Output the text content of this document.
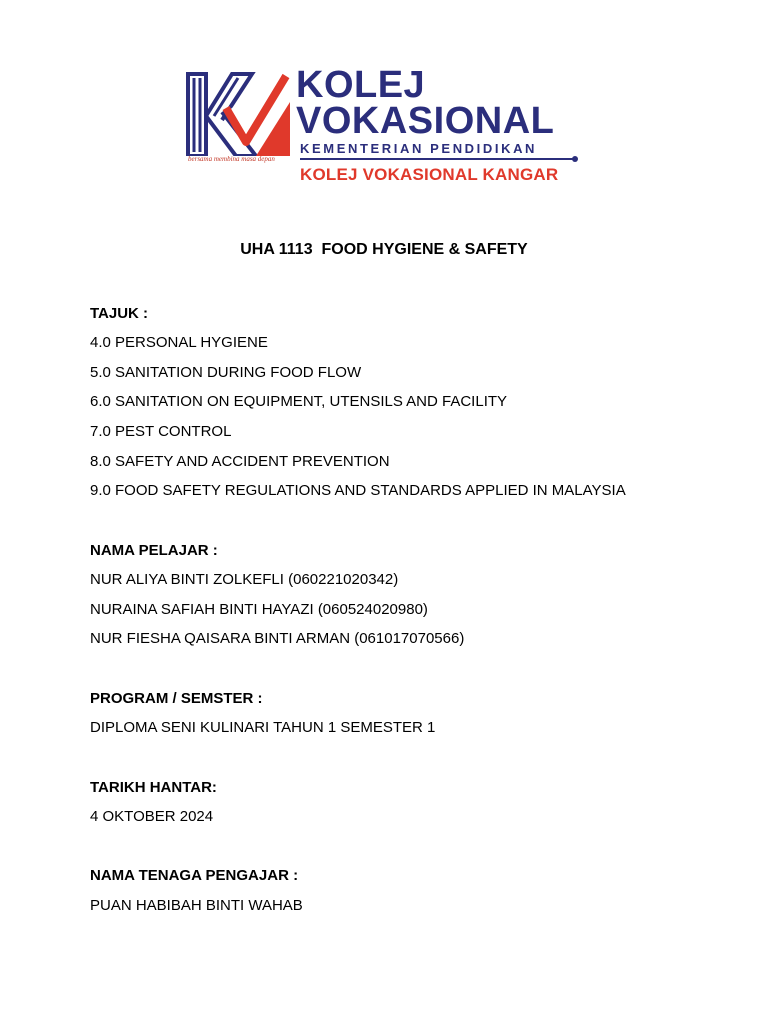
bersama membina masa depan
KOLEJ
VOKASIONAL
KEMENTERIAN PENDIDIKAN
KOLEJ VOKASIONAL KANGAR
UHA 1113  FOOD HYGIENE & SAFETY
TAJUK :
4.0 PERSONAL HYGIENE
5.0 SANITATION DURING FOOD FLOW
6.0 SANITATION ON EQUIPMENT, UTENSILS AND FACILITY
7.0 PEST CONTROL
8.0 SAFETY AND ACCIDENT PREVENTION
9.0 FOOD SAFETY REGULATIONS AND STANDARDS APPLIED IN MALAYSIA
NAMA PELAJAR :
NUR ALIYA BINTI ZOLKEFLI (060221020342)
NURAINA SAFIAH BINTI HAYAZI (060524020980)
NUR FIESHA QAISARA BINTI ARMAN (061017070566)
PROGRAM / SEMSTER :
DIPLOMA SENI KULINARI TAHUN 1 SEMESTER 1
TARIKH HANTAR:
4 OKTOBER 2024
NAMA TENAGA PENGAJAR :
PUAN HABIBAH BINTI WAHAB
